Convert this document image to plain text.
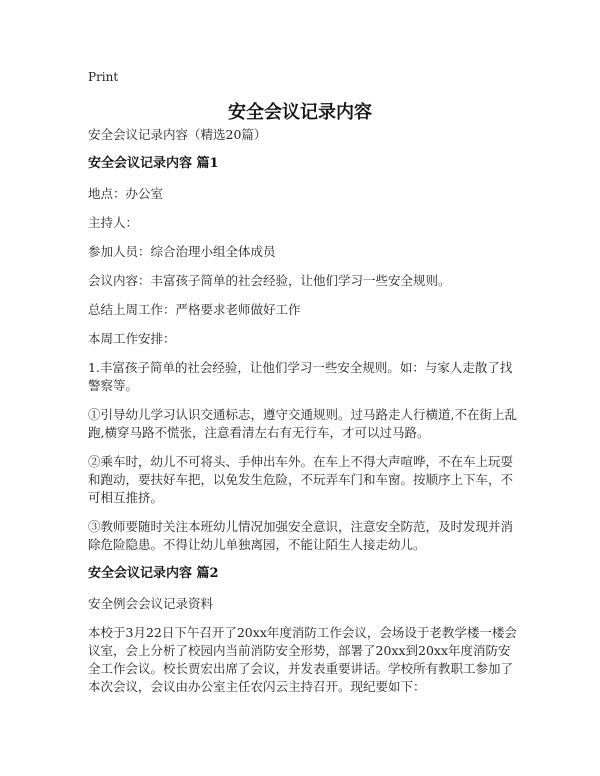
Print
安全会议记录内容

安全会议记录内容（精选20篇）

安全会议记录内容 篇1

地点：办公室

主持人：

参加人员：综合治理小组全体成员

会议内容：丰富孩子简单的社会经验，让他们学习一些安全规则。

总结上周工作：严格要求老师做好工作

本周工作安排：

1.丰富孩子简单的社会经验，让他们学习一些安全规则。如：与家人走散了找警察等。

①引导幼儿学习认识交通标志，遵守交通规则。过马路走人行横道,不在街上乱跑,横穿马路不慌张，注意看清左右有无行车，才可以过马路。

②乘车时，幼儿不可将头、手伸出车外。在车上不得大声喧哗，不在车上玩耍和跑动，要扶好车把，以免发生危险，不玩弄车门和车窗。按顺序上下车，不可相互推挤。

③教师要随时关注本班幼儿情况加强安全意识，注意安全防范，及时发现并消除危险隐患。不得让幼儿单独离园，不能让陌生人接走幼儿。

安全会议记录内容 篇2

安全例会会议记录资料

本校于3月22日下午召开了20xx年度消防工作会议，会场设于老教学楼一楼会议室，会上分析了校园内当前消防安全形势，部署了20xx到20xx年度消防安全工作会议。校长贾宏出席了会议，并发表重要讲话。学校所有教职工参加了本次会议，会议由办公室主任农闪云主持召开。现纪要如下：
